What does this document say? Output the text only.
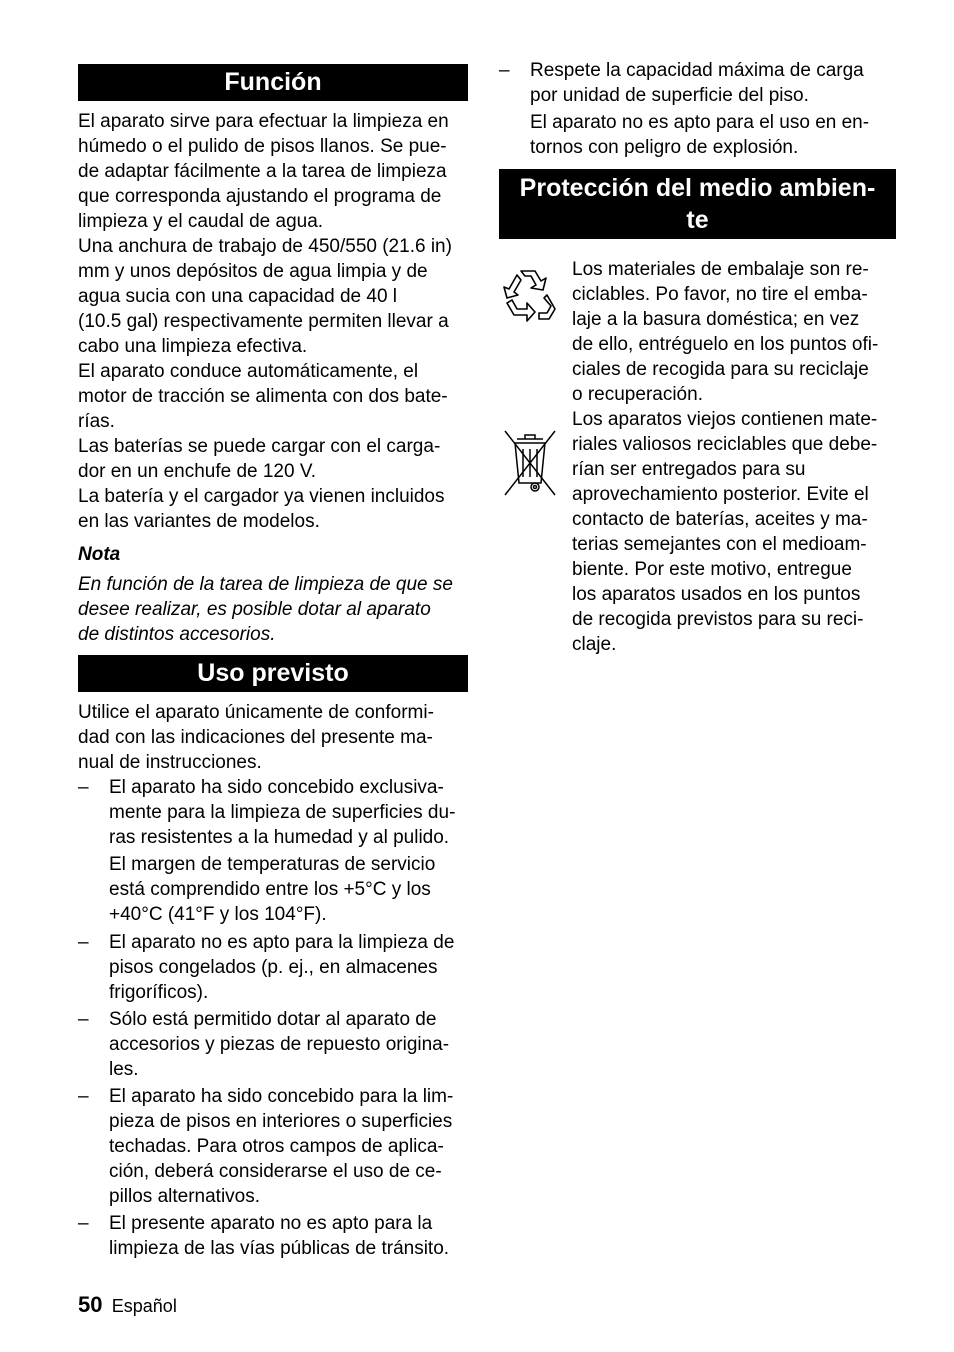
Función

El aparato sirve para efectuar la limpieza en

húmedo o el pulido de pisos llanos. Se pue-

de adaptar fácilmente a la tarea de limpieza

que corresponda ajustando el programa de

limpieza y el caudal de agua.

Una anchura de trabajo de 450/550 (21.6 in)

mm y unos depósitos de agua limpia y de

agua sucia con una capacidad de 40 l

(10.5 gal) respectivamente permiten llevar a

cabo una limpieza efectiva.

El aparato conduce automáticamente, el

motor de tracción se alimenta con dos bate-

rías.

Las baterías se puede cargar con el carga-

dor en un enchufe de 120 V.

La batería y el cargador ya vienen incluidos

en las variantes de modelos.

Nota

En función de la tarea de limpieza de que se

desee realizar, es posible dotar al aparato

de distintos accesorios.

Uso previsto

Utilice el aparato únicamente de conformi-

dad con las indicaciones del presente ma-

nual de instrucciones.

– El aparato ha sido concebido exclusiva-

mente para la limpieza de superficies du-

ras resistentes a la humedad y al pulido.

El margen de temperaturas de servicio

está comprendido entre los +5°C y los

+40°C (41°F y los 104°F).

– El aparato no es apto para la limpieza de

pisos congelados (p. ej., en almacenes

frigoríficos).

– Sólo está permitido dotar al aparato de

accesorios y piezas de repuesto origina-

les.

– El aparato ha sido concebido para la lim-

pieza de pisos en interiores o superficies

techadas. Para otros campos de aplica-

ción, deberá considerarse el uso de ce-

pillos alternativos.

– El presente aparato no es apto para la

limpieza de las vías públicas de tránsito.

– Respete la capacidad máxima de carga

por unidad de superficie del piso.

El aparato no es apto para el uso en en-

tornos con peligro de explosión.

Protección del medio ambien-
te

Los materiales de embalaje son re-

ciclables. Po favor, no tire el emba-

laje a la basura doméstica; en vez

de ello, entréguelo en los puntos ofi-

ciales de recogida para su reciclaje

o recuperación.

Los aparatos viejos contienen mate-

riales valiosos reciclables que debe-

rían ser entregados para su

aprovechamiento posterior. Evite el

contacto de baterías, aceites y ma-

terias semejantes con el medioam-

biente. Por este motivo, entregue

los aparatos usados en los puntos

de recogida previstos para su reci-

claje.

50 Español
